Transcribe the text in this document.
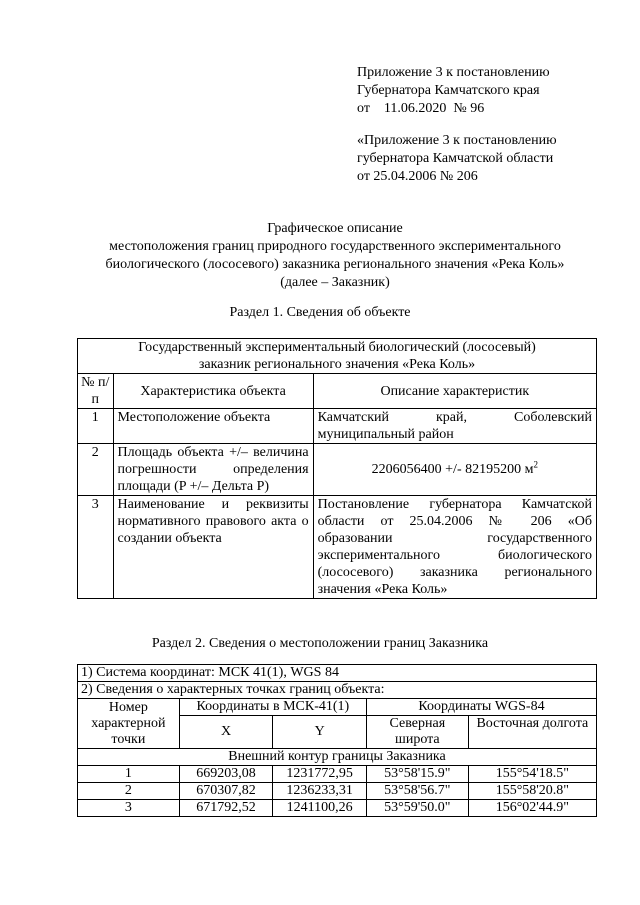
Приложение 3 к постановлению
Губернатора Камчатского края
от    11.06.2020  № 96
«Приложение 3 к постановлению
губернатора Камчатской области
от 25.04.2006 № 206
Графическое описание
местоположения границ природного государственного экспериментального
биологического (лососевого) заказника регионального значения «Река Коль»
(далее – Заказник)
Раздел 1. Сведения об объекте
Государственный экспериментальный биологический (лососевый) заказник регионального значения «Река Коль»		
№ п/п	Характеристика объекта	Описание характеристик
1	Местоположение объекта	Камчатский край, Соболевский муниципальный район
2	Площадь объекта +/– величина погрешности определения площади (P +/– Дельта P)	2206056400 +/- 82195200 $м^2$
3	Наименование и реквизиты нормативного правового акта о создании объекта	Постановление губернатора Камчатской области от 25.04.2006 № 206 «Об образовании государственного экспериментального биологического (лососевого) заказника регионального значения «Река Коль»
Раздел 2. Сведения о местоположении границ Заказника
1) Система координат: МСК 41(1), WGS 84				
2) Сведения о характерных точках границ объекта:				
Номер характерной точки	Координаты в МСК-41(1)		Координаты WGS-84	
	X	Y	Северная широта	Восточная долгота
Внешний контур границы Заказника				
1	669203,08	1231772,95	53°58'15.9"	155°54'18.5"
2	670307,82	1236233,31	53°58'56.7"	155°58'20.8"
3	671792,52	1241100,26	53°59'50.0"	156°02'44.9"
